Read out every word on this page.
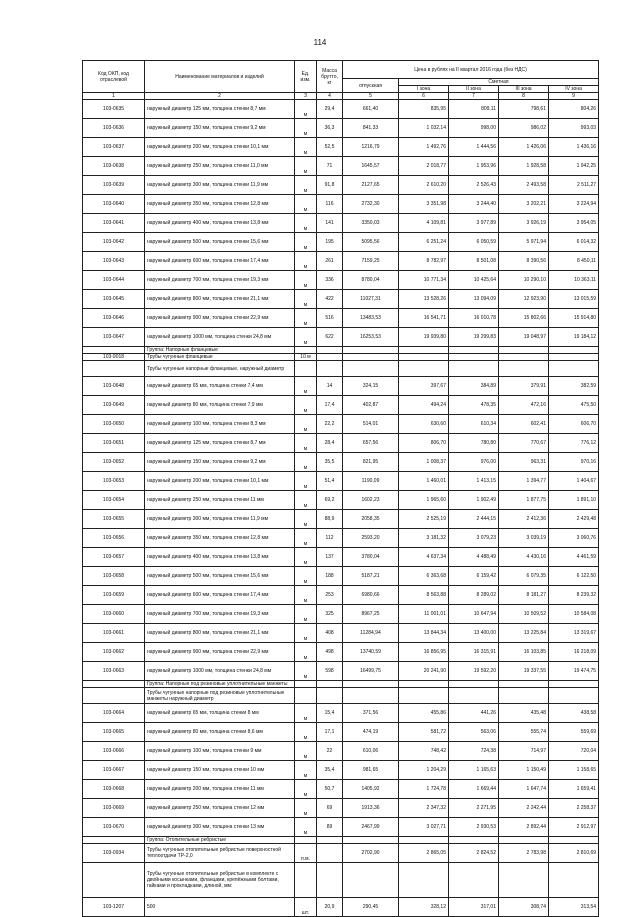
114
Код ОКП, код отраслевой	Наименование материалов и изделий	Ед. изм.	Масса брутто, кг	Цена в рублях на II квартал 2016 года (без НДС)				
				отпускная	Сметная			
					I зона	II зона	III зона	IV зона
1	2	3	4	5	6	7	8	9
103-0635	наружный диаметр 125 мм, толщина стенки 8,7 мм	м	29,4	661,40	835,95	809,11	798,61	804,26
103-0636	наружный диаметр 150 мм, толщина стенки 9,2 мм	м	36,3	841,33	1 032,14	998,00	986,02	993,03
103-0637	наружный диаметр 200 мм, толщина стенки 10,1 мм	м	52,5	1216,79	1 492,76	1 444,56	1 426,06	1 436,16
103-0638	наружный диаметр 250 мм, толщина стенки 11,0 мм	м	71	1645,57	2 018,77	1 953,96	1 928,58	1 942,25
103-0639	наружный диаметр 300 мм, толщина стенки 11,9 мм	м	91,8	2127,65	2 610,20	2 526,43	2 493,58	2 511,27
103-0640	наружный диаметр 350 мм, толщина стенки 12,8 мм	м	116	2732,30	3 351,98	3 244,40	3 202,21	3 224,94
103-0641	наружный диаметр 400 мм, толщина стенки 13,8 мм	м	141	3350,03	4 109,81	3 977,89	3 926,19	3 954,05
103-0642	наружный диаметр 500 мм, толщина стенки 15,6 мм	м	195	5095,56	6 251,24	6 050,59	5 971,94	6 014,32
103-0643	наружный диаметр 600 мм, толщина стенки 17,4 мм	м	261	7159,25	8 782,97	8 501,08	8 390,56	8 450,11
103-0644	наружный диаметр 700 мм, толщина стенки 19,3 мм	м	336	8780,04	10 771,34	10 425,64	10 290,10	10 363,11
103-0645	наружный диаметр 800 мм, толщина стенки 21,1 мм	м	422	11027,31	13 528,26	13 094,09	12 923,90	13 015,59
103-0646	наружный диаметр 900 мм, толщина стенки 22,9 мм	м	516	13483,53	16 541,71	16 010,78	15 802,66	15 914,80
103-0647	наружный диаметр 1000 мм, толщина стенки 24,8 мм	м	622	16253,53	19 939,80	19 299,83	19 048,97	19 184,12
	Группа: Напорные фланцевые							
103-9018	Трубы чугунные фланцевые	10 м						
	Трубы чугунные напорные фланцевые, наружный диаметр							
103-0648	наружный диаметр 65 мм, толщина стенки 7,4 мм	м	14	324,15	397,67	384,89	379,91	382,59
103-0649	наружный диаметр 80 мм, толщина стенки 7,9 мм	м	17,4	402,87	494,24	478,35	472,16	475,50
103-0650	наружный диаметр 100 мм, толщина стенки 8,3 мм	м	22,2	514,01	630,60	610,34	602,41	606,70
103-0651	наружный диаметр 125 мм, толщина стенки 8,7 мм	м	28,4	657,56	806,70	780,80	770,67	776,12
103-0652	наружный диаметр 150 мм, толщина стенки 9,2 мм	м	35,5	821,95	1 008,37	976,00	963,31	970,16
103-0653	наружный диаметр 200 мм, толщина стенки 10,1 мм	м	51,4	1190,09	1 460,01	1 413,15	1 394,77	1 404,67
103-0654	наружный диаметр 250 мм, толщина стенки 11 мм	м	69,2	1602,23	1 965,60	1 902,49	1 877,75	1 891,10
103-0655	наружный диаметр 300 мм, толщина стенки 11,9 мм	м	88,9	2058,35	2 525,19	2 444,15	2 412,36	2 429,48
103-0656	наружный диаметр 350 мм, толщина стенки 12,8 мм	м	112	2593,20	3 181,32	3 079,23	3 039,19	3 060,76
103-0657	наружный диаметр 400 мм, толщина стенки 13,8 мм	м	137	3780,04	4 637,34	4 488,49	4 430,16	4 461,59
103-0658	наружный диаметр 500 мм, толщина стенки 15,6 мм	м	188	5187,21	6 363,68	6 159,42	6 079,35	6 122,50
103-0659	наружный диаметр 600 мм, толщина стенки 17,4 мм	м	253	6980,66	8 563,88	8 289,02	8 181,27	8 239,32
103-0660	наружный диаметр 700 мм, толщина стенки 19,3 мм	м	325	8967,25	11 001,01	10 647,94	10 509,52	10 584,08
103-0661	наружный диаметр 800 мм, толщина стенки 21,1 мм	м	408	11284,94	13 844,34	13 400,00	13 225,84	13 319,67
103-0662	наружный диаметр 900 мм, толщина стенки 22,9 мм	м	498	13740,59	16 856,95	16 315,91	16 103,85	16 218,09
103-0663	наружный диаметр 1000 мм, толщина стенки 24,8 мм	м	598	16499,75	20 241,90	19 592,20	19 337,55	19 474,75
	Группа: Напорные под резиновые уплотнительные манжеты							
	Трубы чугунные напорные под резиновые уплотнительные манжеты наружный диаметр							
103-0664	наружный диаметр 65 мм, толщина стенки 8 мм	м	15,4	371,56	455,86	441,26	435,48	438,58
103-0665	наружный диаметр 80 мм, толщина стенки 8,6 мм	м	17,1	474,19	581,72	563,06	555,74	559,69
103-0666	наружный диаметр 100 мм, толщина стенки 9 мм	м	22	610,06	748,42	724,38	714,97	720,04
103-0667	наружный диаметр 150 мм, толщина стенки 10 мм	м	35,4	981,65	1 204,29	1 165,63	1 150,49	1 158,65
103-0668	наружный диаметр 200 мм, толщина стенки 11 мм	м	50,7	1405,92	1 724,78	1 669,44	1 647,74	1 659,41
103-0669	наружный диаметр 250 мм, толщина стенки 12 мм	м	69	1913,36	2 347,32	2 271,95	2 242,44	2 258,37
103-0670	наружный диаметр 300 мм, толщина стенки 13 мм	м	89	2467,99	3 027,71	2 930,53	2 892,44	2 912,97
	Группа: Отопительные ребристые							
103-0934	Трубы чугунные отопительные ребристые поверхностной теплоотдачи ТР-2,0	п.м.		2702,90	2 865,05	2 824,52	2 783,98	2 810,69
	Трубы чугунные отопительные ребристые в комплекте с двойными косынками, фланцами, крепёжными болтами, гайками и прокладками, длиной, мм:							
103-1207	500	шт.	20,9	290,45	328,12	317,01	308,74	313,54
